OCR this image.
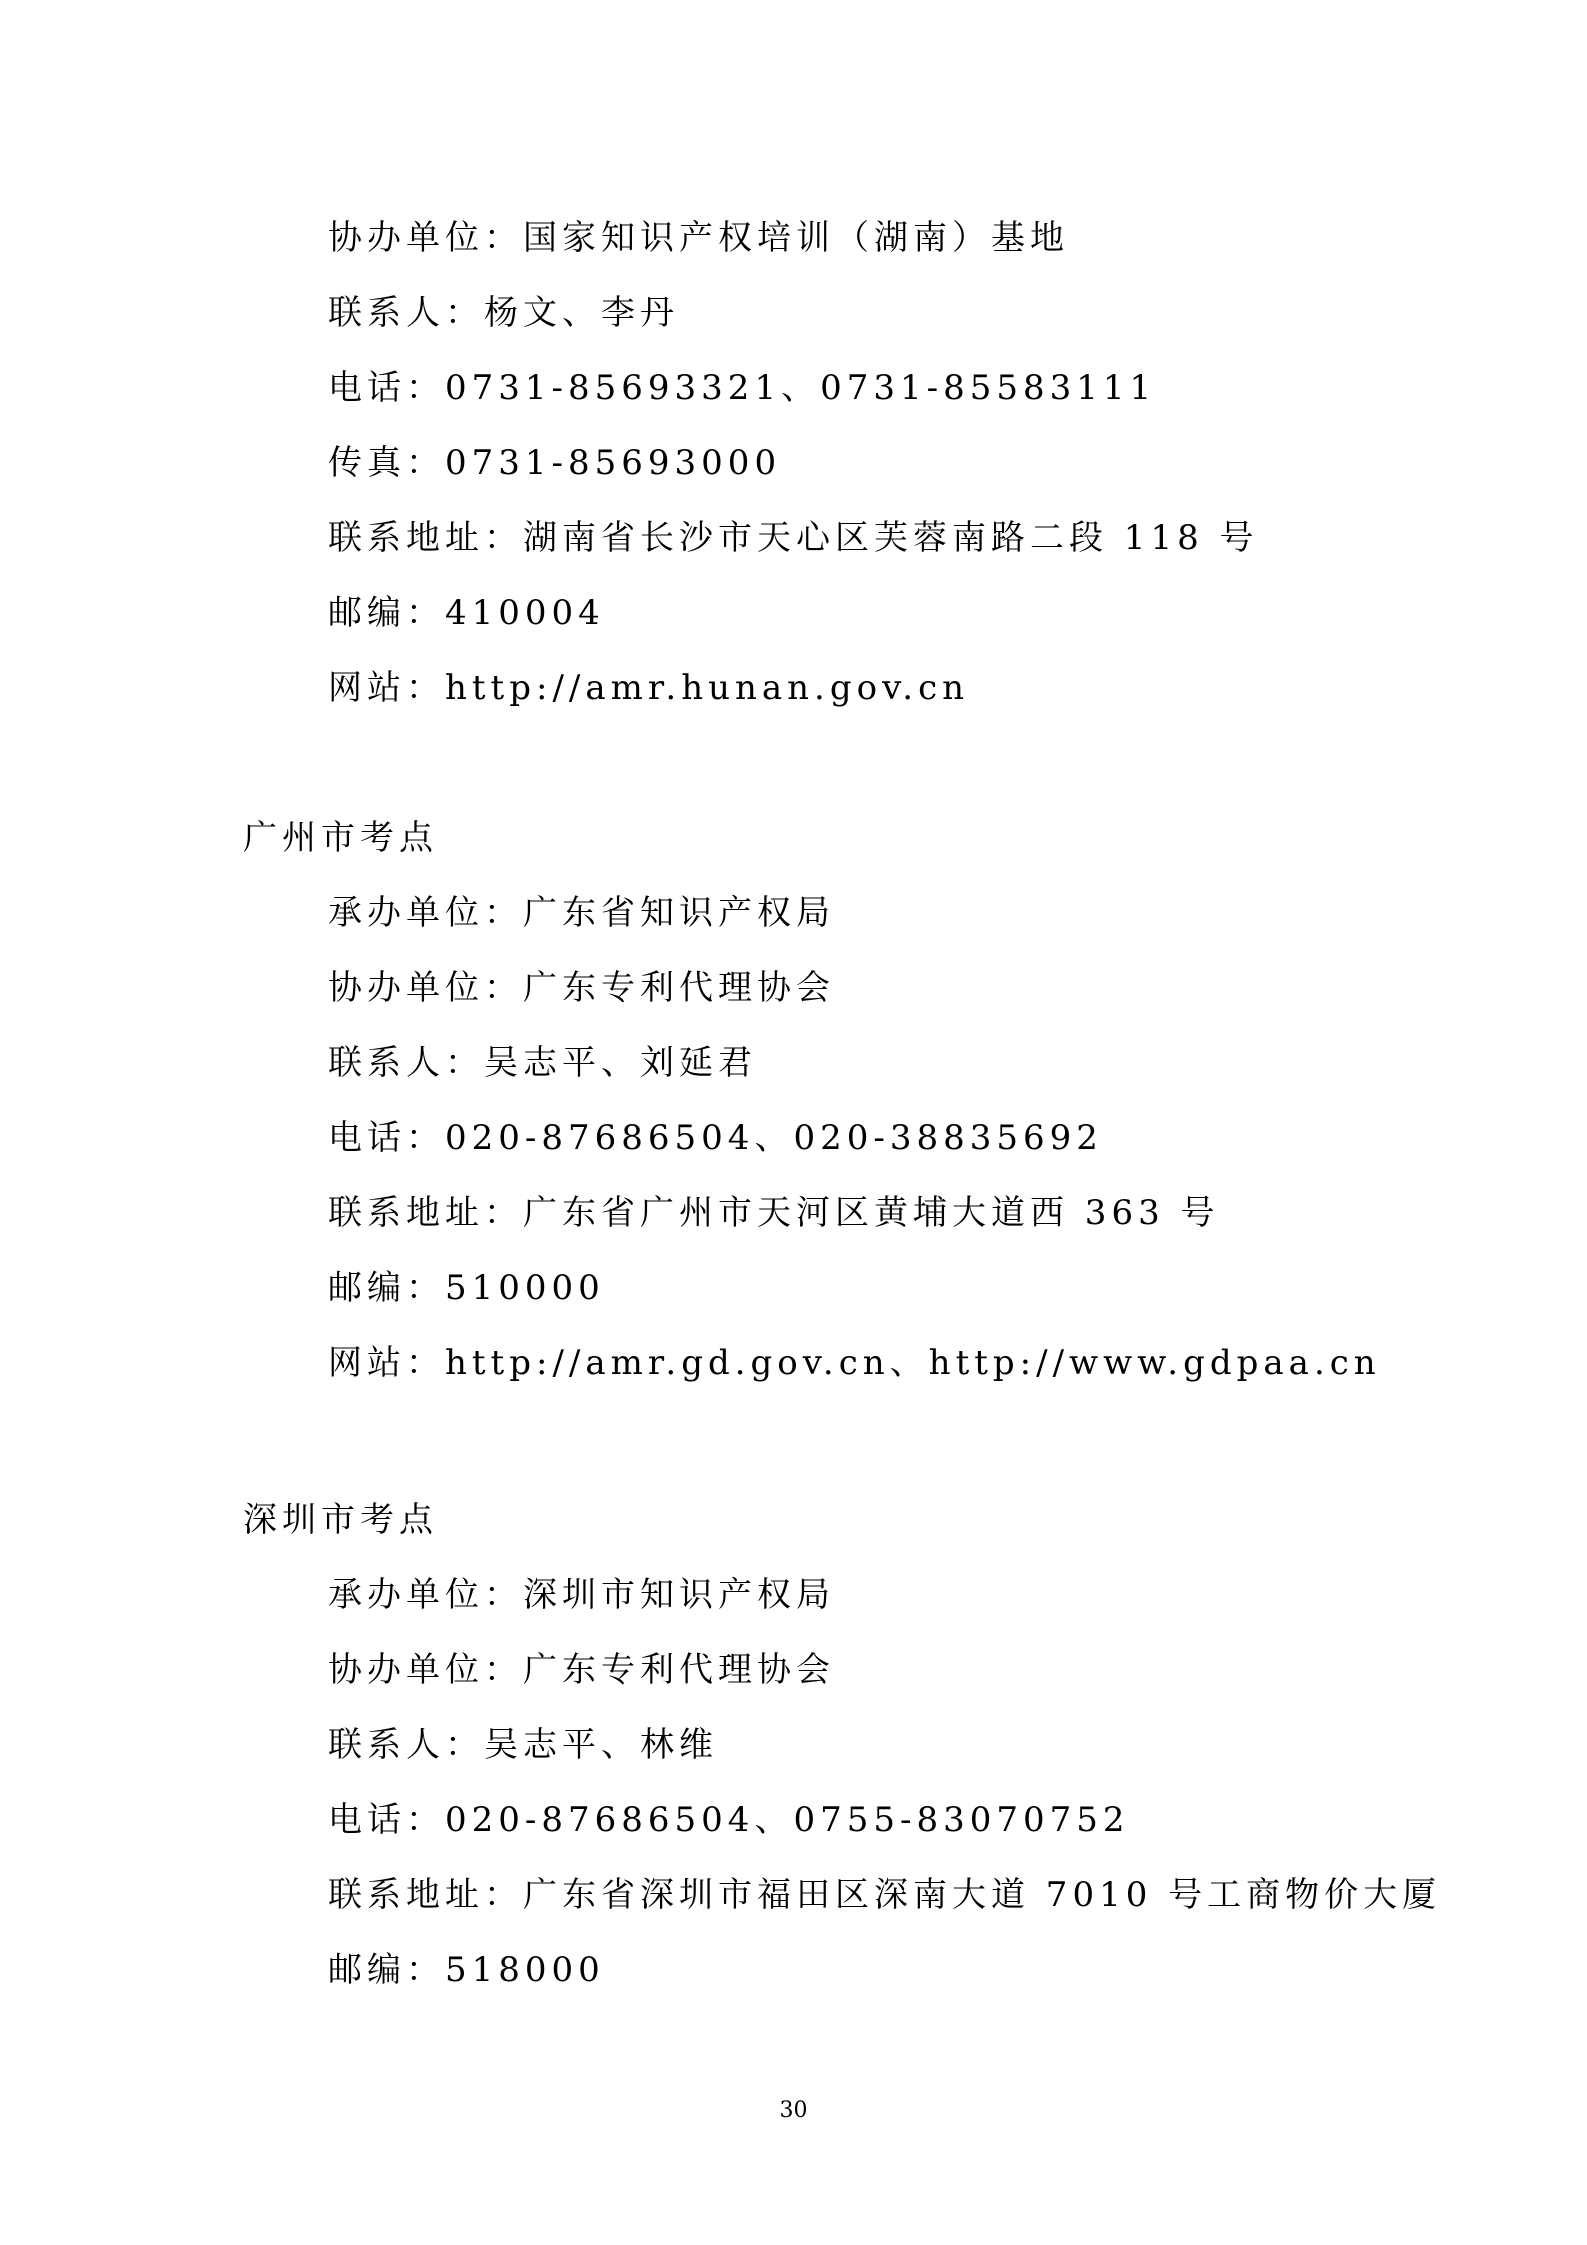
协办单位：国家知识产权培训（湖南）基地
联系人：杨文、李丹
电话：0731-85693321、0731-85583111
传真：0731-85693000
联系地址：湖南省长沙市天心区芙蓉南路二段 118 号
邮编：410004
网站：http://amr.hunan.gov.cn
广州市考点
承办单位：广东省知识产权局
协办单位：广东专利代理协会
联系人：吴志平、刘延君
电话：020-87686504、020-38835692
联系地址：广东省广州市天河区黄埔大道西 363 号
邮编：510000
网站：http://amr.gd.gov.cn、http://www.gdpaa.cn
深圳市考点
承办单位：深圳市知识产权局
协办单位：广东专利代理协会
联系人：吴志平、林维
电话：020-87686504、0755-83070752
联系地址：广东省深圳市福田区深南大道 7010 号工商物价大厦
邮编：518000
30
